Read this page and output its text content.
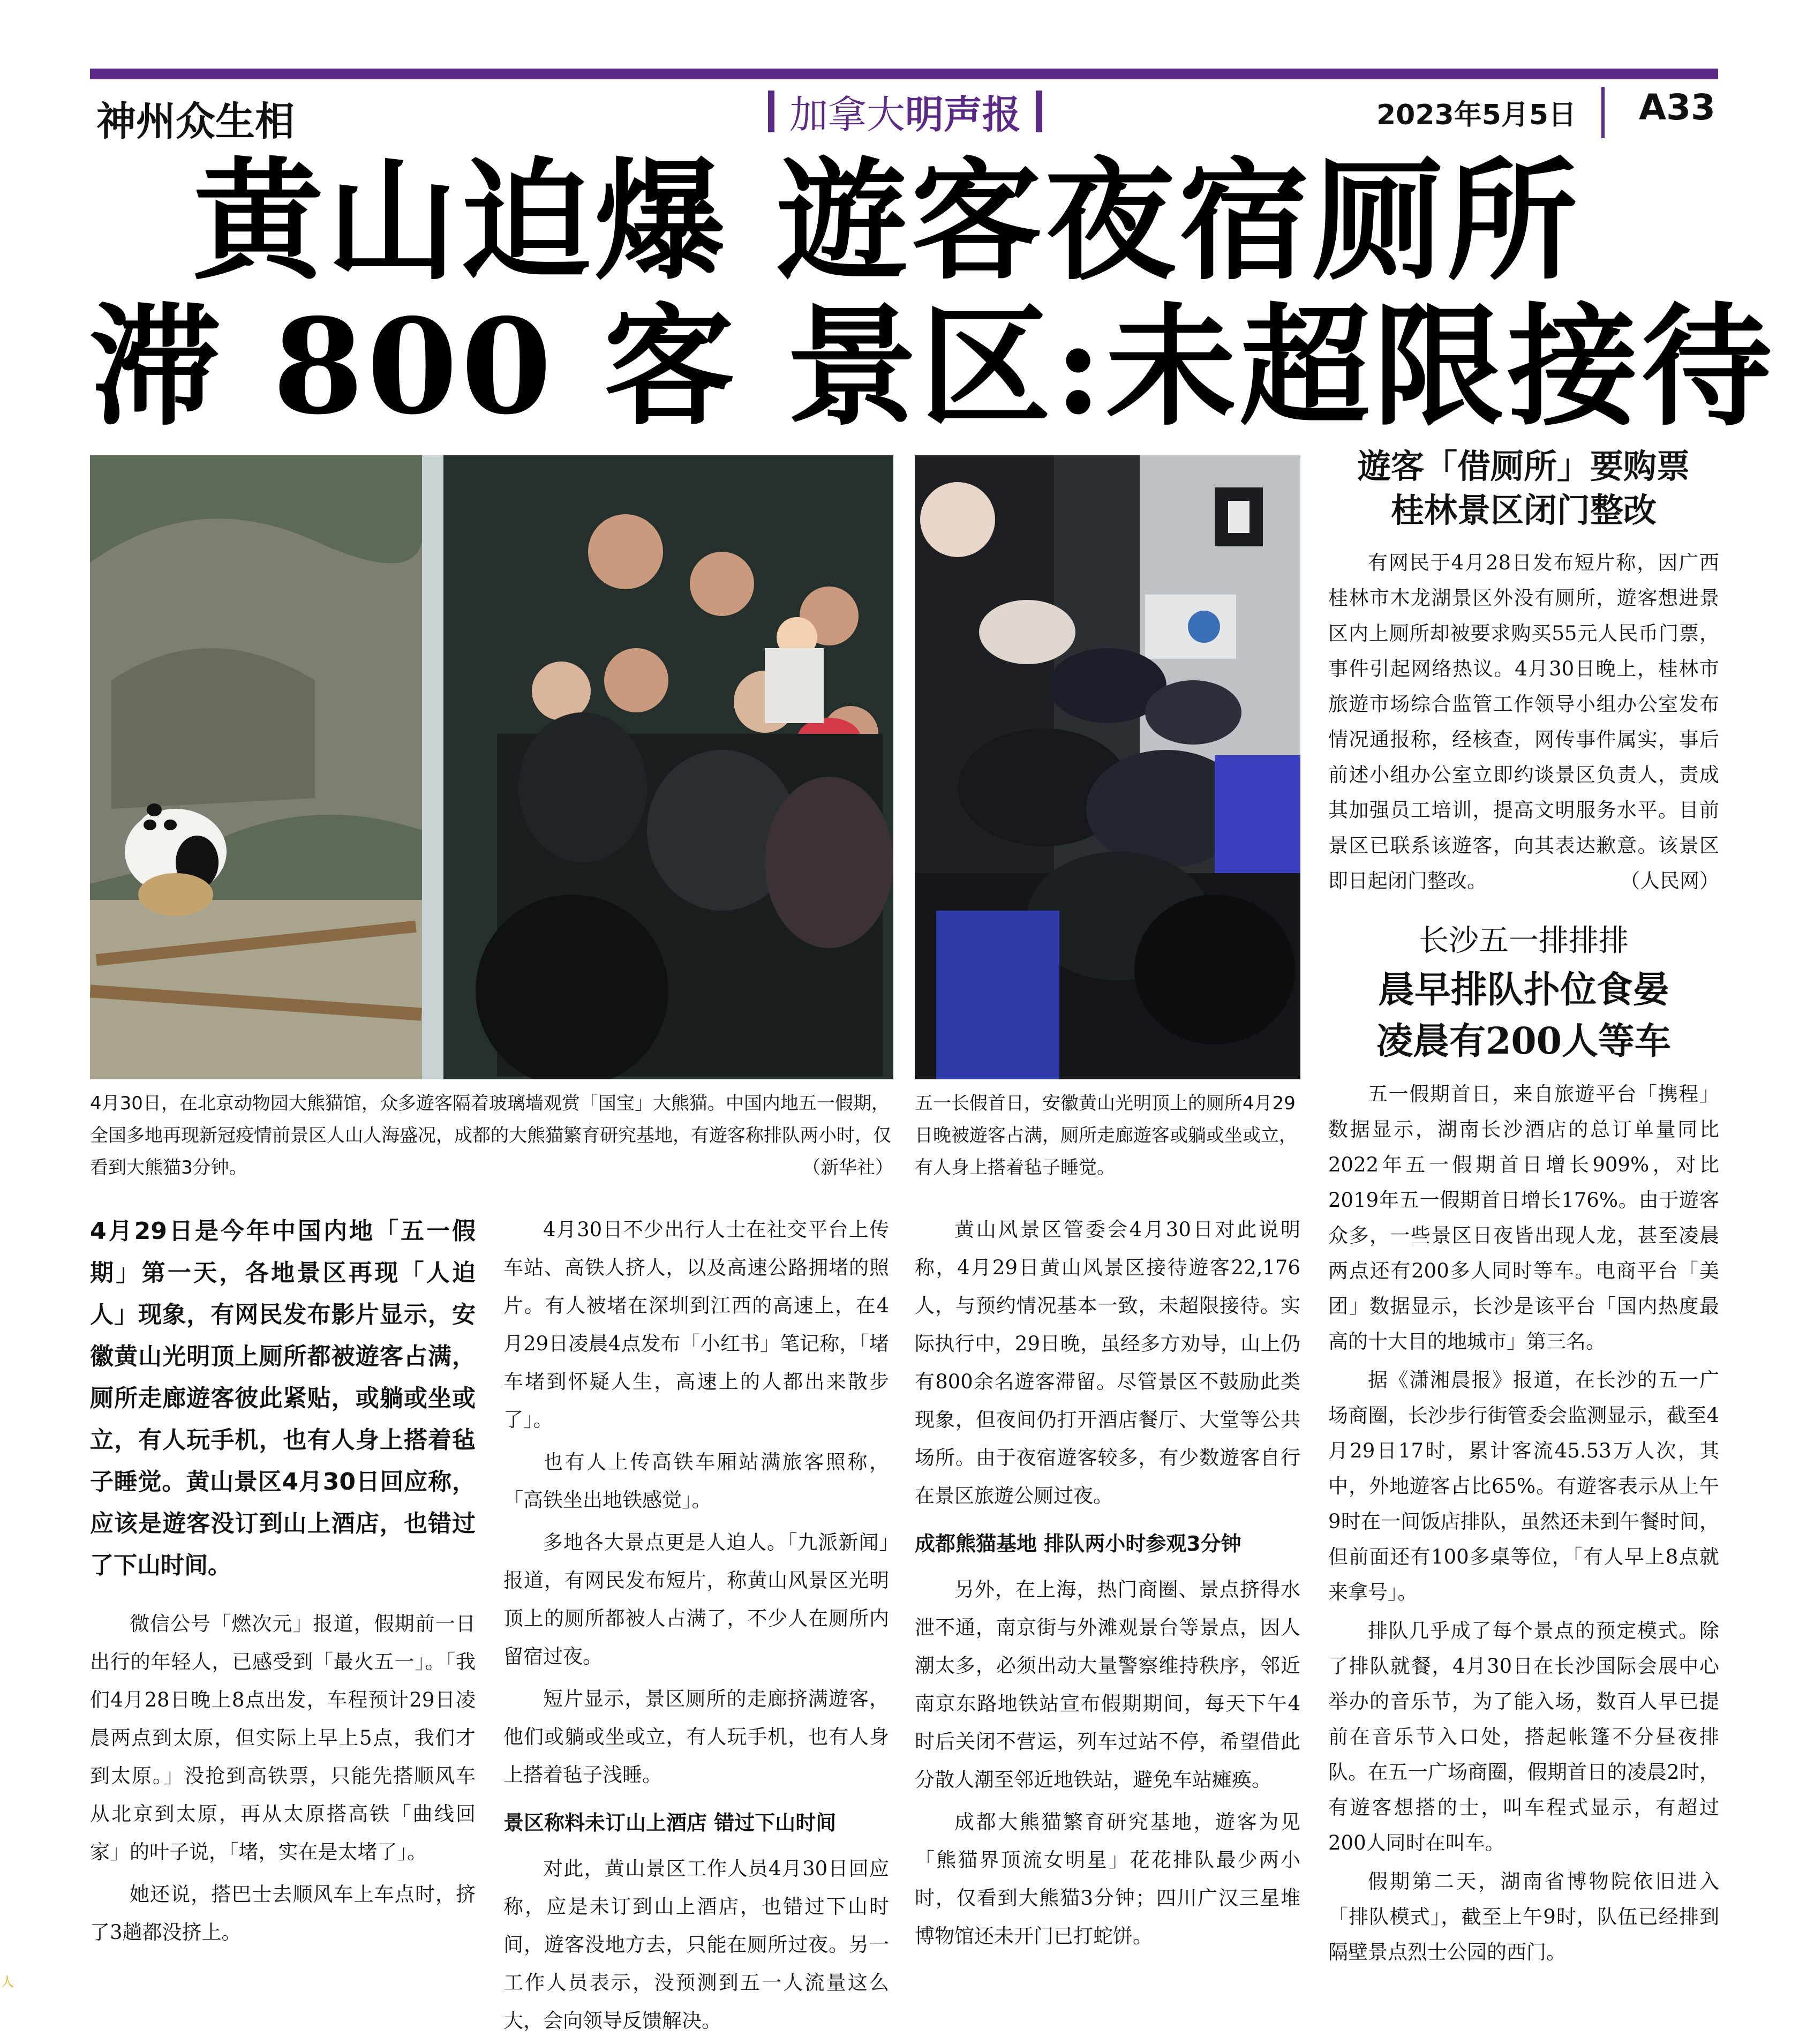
神州众生相	加拿大明声报	2023年5月5日 A33
黄山迫爆 遊客夜宿厕所
滞 800 客 景区:未超限接待
4月30日，在北京动物园大熊猫馆，众多遊客隔着玻璃墙观赏「国宝」大熊猫。中国内地五一假期，全国多地再现新冠疫情前景区人山人海盛况，成都的大熊猫繁育研究基地，有遊客称排队两小时，仅看到大熊猫3分钟。	（新华社）
五一长假首日，安徽黄山光明顶上的厕所4月29日晚被遊客占满，厕所走廊遊客或躺或坐或立，有人身上搭着毡子睡觉。

4月29日是今年中国内地「五一假期」第一天，各地景区再现「人迫人」现象，有网民发布影片显示，安徽黄山光明顶上厕所都被遊客占满，厕所走廊遊客彼此紧贴，或躺或坐或立，有人玩手机，也有人身上搭着毡子睡觉。黄山景区4月30日回应称，应该是遊客没订到山上酒店，也错过了下山时间。

微信公号「燃次元」报道，假期前一日出行的年轻人，已感受到「最火五一」。「我们4月28日晚上8点出发，车程预计29日凌晨两点到太原，但实际上早上5点，我们才到太原。」没抢到高铁票，只能先搭顺风车从北京到太原，再从太原搭高铁「曲线回家」的叶子说，「堵，实在是太堵了」。

她还说，搭巴士去顺风车上车点时，挤了3趟都没挤上。

4月30日不少出行人士在社交平台上传车站、高铁人挤人，以及高速公路拥堵的照片。有人被堵在深圳到江西的高速上，在4月29日凌晨4点发布「小红书」笔记称，「堵车堵到怀疑人生，高速上的人都出来散步了」。

也有人上传高铁车厢站满旅客照称，「高铁坐出地铁感觉」。

多地各大景点更是人迫人。「九派新闻」报道，有网民发布短片，称黄山风景区光明顶上的厕所都被人占满了，不少人在厕所内留宿过夜。

短片显示，景区厕所的走廊挤满遊客，他们或躺或坐或立，有人玩手机，也有人身上搭着毡子浅睡。

景区称料未订山上酒店 错过下山时间

对此，黄山景区工作人员4月30日回应称，应是未订到山上酒店，也错过下山时间，遊客没地方去，只能在厕所过夜。另一工作人员表示，没预测到五一人流量这么大，会向领导反馈解决。

黄山风景区管委会4月30日对此说明称，4月29日黄山风景区接待遊客22,176人，与预约情况基本一致，未超限接待。实际执行中，29日晚，虽经多方劝导，山上仍有800余名遊客滞留。尽管景区不鼓励此类现象，但夜间仍打开酒店餐厅、大堂等公共场所。由于夜宿遊客较多，有少数遊客自行在景区旅遊公厕过夜。

成都熊猫基地 排队两小时参观3分钟

另外，在上海，热门商圈、景点挤得水泄不通，南京街与外滩观景台等景点，因人潮太多，必须出动大量警察维持秩序，邻近南京东路地铁站宣布假期期间，每天下午4时后关闭不营运，列车过站不停，希望借此分散人潮至邻近地铁站，避免车站瘫痪。

成都大熊猫繁育研究基地，遊客为见「熊猫界顶流女明星」花花排队最少两小时，仅看到大熊猫3分钟；四川广汉三星堆博物馆还未开门已打蛇饼。

遊客「借厕所」要购票
桂林景区闭门整改

有网民于4月28日发布短片称，因广西桂林市木龙湖景区外没有厕所，遊客想进景区内上厕所却被要求购买55元人民币门票，事件引起网络热议。4月30日晚上，桂林市旅遊市场综合监管工作领导小组办公室发布情况通报称，经核查，网传事件属实，事后前述小组办公室立即约谈景区负责人，责成其加强员工培训，提高文明服务水平。目前景区已联系该遊客，向其表达歉意。该景区即日起闭门整改。	（人民网）

长沙五一排排排
晨早排队扑位食晏
凌晨有200人等车

五一假期首日，来自旅遊平台「携程」数据显示，湖南长沙酒店的总订单量同比2022年五一假期首日增长909%，对比2019年五一假期首日增长176%。由于遊客众多，一些景区日夜皆出现人龙，甚至凌晨两点还有200多人同时等车。电商平台「美团」数据显示，长沙是该平台「国内热度最高的十大目的地城市」第三名。

据《潇湘晨报》报道，在长沙的五一广场商圈，长沙步行街管委会监测显示，截至4月29日17时，累计客流45.53万人次，其中，外地遊客占比65%。有遊客表示从上午9时在一间饭店排队，虽然还未到午餐时间，但前面还有100多桌等位，「有人早上8点就来拿号」。

排队几乎成了每个景点的预定模式。除了排队就餐，4月30日在长沙国际会展中心举办的音乐节，为了能入场，数百人早已提前在音乐节入口处，搭起帐篷不分昼夜排队。在五一广场商圈，假期首日的凌晨2时，有遊客想搭的士，叫车程式显示，有超过200人同时在叫车。

假期第二天，湖南省博物院依旧进入「排队模式」，截至上午9时，队伍已经排到隔壁景点烈士公园的西门。

人
